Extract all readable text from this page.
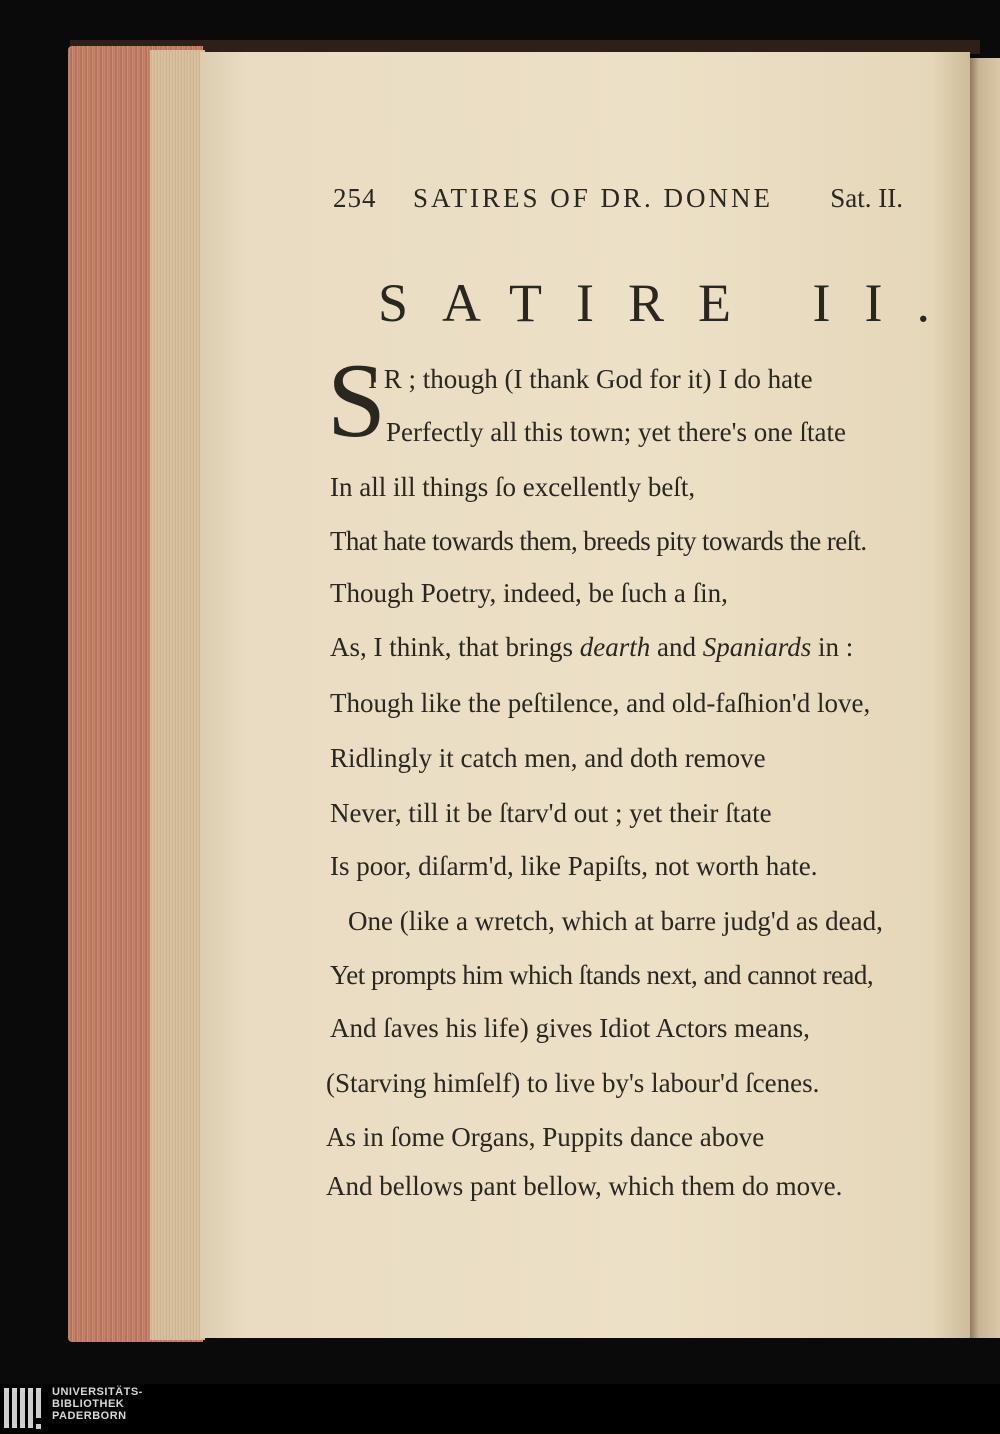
254 SATIRES OF DR. DONNE Sat. II.
SATIRE II.
S
I R ; though (I thank God for it) I do hate
Perfectly all this town; yet there's one ſtate
In all ill things ſo excellently beſt,
That hate towards them, breeds pity towards the reſt.
Though Poetry, indeed, be ſuch a ſin,
As, I think, that brings dearth and Spaniards in :
Though like the peſtilence, and old-faſhion'd love,
Ridlingly it catch men, and doth remove
Never, till it be ſtarv'd out ; yet their ſtate
Is poor, diſarm'd, like Papiſts, not worth hate.
One (like a wretch, which at barre judg'd as dead,
Yet prompts him which ſtands next, and cannot read,
And ſaves his life) gives Idiot Actors means,
(Starving himſelf) to live by's labour'd ſcenes.
As in ſome Organs, Puppits dance above
And bellows pant bellow, which them do move.
UNIVERSITÄTS-
BIBLIOTHEK
PADERBORN
